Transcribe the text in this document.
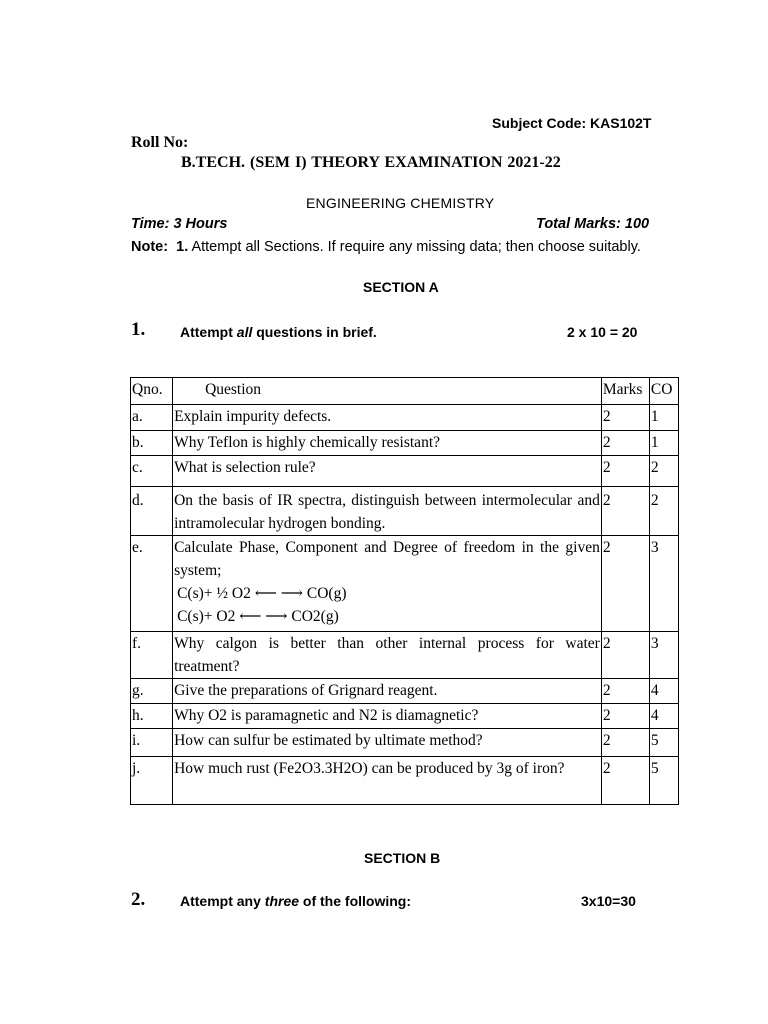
Subject Code: KAS102T
Roll No:
B.TECH. (SEM I) THEORY EXAMINATION 2021-22
ENGINEERING CHEMISTRY
Time: 3 Hours	Total Marks: 100
Note: 1. Attempt all Sections. If require any missing data; then choose suitably.
SECTION A
1. Attempt all questions in brief.	2 x 10 = 20
Qno.	Question	Marks	CO
a.	Explain impurity defects.	2	1
b.	Why Teflon is highly chemically resistant?	2	1
c.	What is selection rule?	2	2
d.	On the basis of IR spectra, distinguish between intermolecular and intramolecular hydrogen bonding.	2	2
e.	Calculate Phase, Component and Degree of freedom in the given system;
C(s)+ ½ O2 ⟵ ⟶ CO(g)
C(s)+ O2 ⟵ ⟶ CO2(g)	2	3
f.	Why calgon is better than other internal process for water treatment?	2	3
g.	Give the preparations of Grignard reagent.	2	4
h.	Why O2 is paramagnetic and N2 is diamagnetic?	2	4
i.	How can sulfur be estimated by ultimate method?	2	5
j.	How much rust (Fe2O3.3H2O) can be produced by 3g of iron?	2	5
SECTION B
2. Attempt any three of the following:	3x10=30
